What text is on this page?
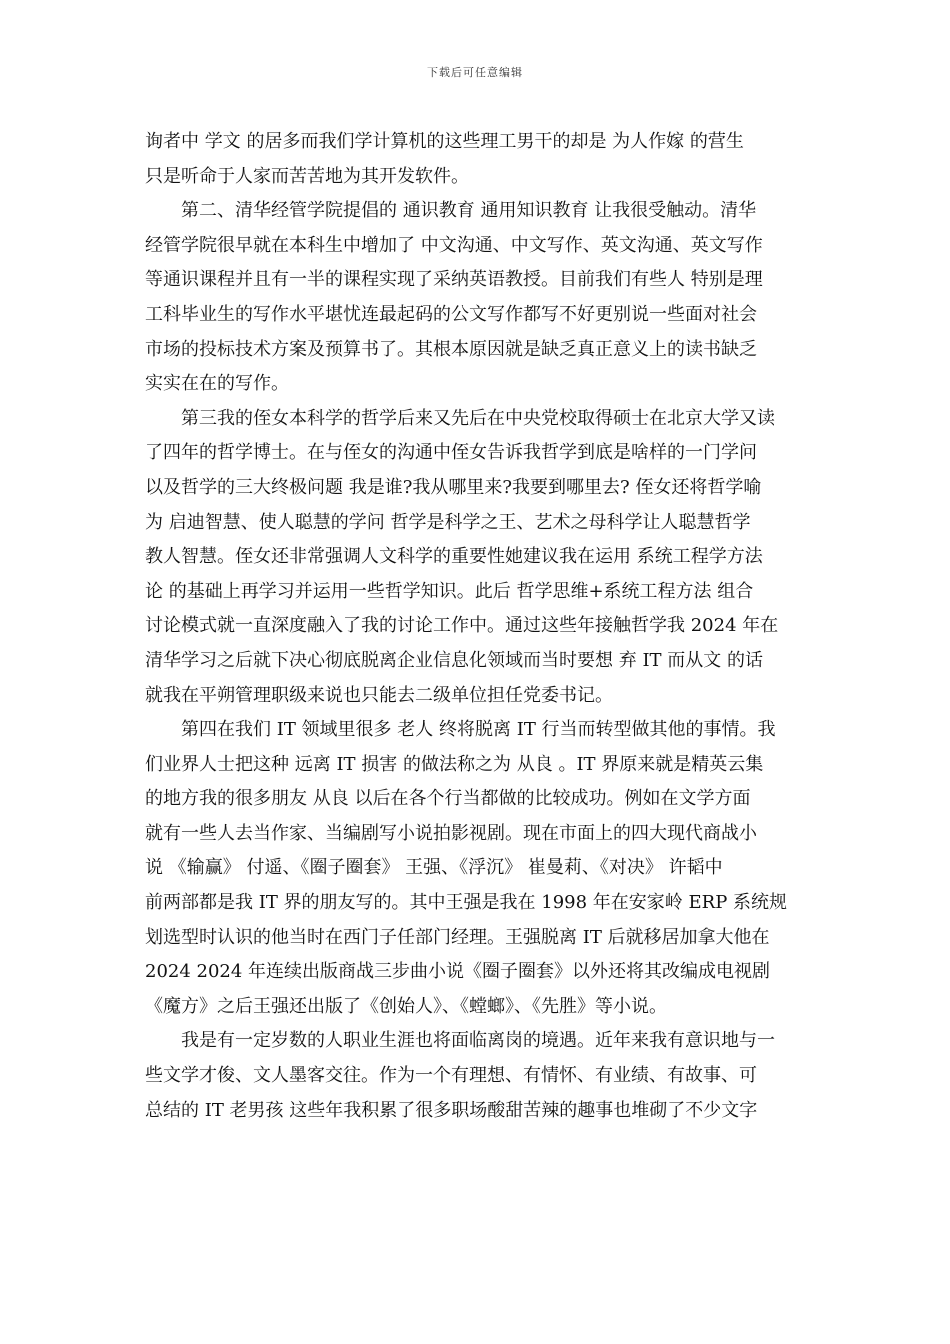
下载后可任意编辑
询者中 学文 的居多而我们学计算机的这些理工男干的却是 为人作嫁 的营生
只是听命于人家而苦苦地为其开发软件。
　　第二、清华经管学院提倡的 通识教育 通用知识教育 让我很受触动。清华
经管学院很早就在本科生中增加了 中文沟通、中文写作、英文沟通、英文写作
等通识课程并且有一半的课程实现了采纳英语教授。目前我们有些人 特别是理
工科毕业生的写作水平堪忧连最起码的公文写作都写不好更别说一些面对社会
市场的投标技术方案及预算书了。其根本原因就是缺乏真正意义上的读书缺乏
实实在在的写作。
　　第三我的侄女本科学的哲学后来又先后在中央党校取得硕士在北京大学又读
了四年的哲学博士。在与侄女的沟通中侄女告诉我哲学到底是啥样的一门学问
以及哲学的三大终极问题 我是谁?我从哪里来?我要到哪里去? 侄女还将哲学喻
为 启迪智慧、使人聪慧的学问 哲学是科学之王、艺术之母科学让人聪慧哲学
教人智慧。侄女还非常强调人文科学的重要性她建议我在运用 系统工程学方法
论 的基础上再学习并运用一些哲学知识。此后 哲学思维+系统工程方法 组合
讨论模式就一直深度融入了我的讨论工作中。通过这些年接触哲学我 2024 年在
清华学习之后就下决心彻底脱离企业信息化领域而当时要想 弃 IT 而从文 的话
就我在平朔管理职级来说也只能去二级单位担任党委书记。
　　第四在我们 IT 领域里很多 老人 终将脱离 IT 行当而转型做其他的事情。我
们业界人士把这种 远离 IT 损害 的做法称之为 从良 。IT 界原来就是精英云集
的地方我的很多朋友 从良 以后在各个行当都做的比较成功。例如在文学方面
就有一些人去当作家、当编剧写小说拍影视剧。现在市面上的四大现代商战小
说 《输赢》 付遥、《圈子圈套》 王强、《浮沉》 崔曼莉、《对决》 许韬中
前两部都是我 IT 界的朋友写的。其中王强是我在 1998 年在安家岭 ERP 系统规
划选型时认识的他当时在西门子任部门经理。王强脱离 IT 后就移居加拿大他在
2024 2024 年连续出版商战三步曲小说《圈子圈套》以外还将其改编成电视剧
《魔方》之后王强还出版了《创始人》、《螳螂》、《先胜》等小说。
　　我是有一定岁数的人职业生涯也将面临离岗的境遇。近年来我有意识地与一
些文学才俊、文人墨客交往。作为一个有理想、有情怀、有业绩、有故事、可
总结的 IT 老男孩 这些年我积累了很多职场酸甜苦辣的趣事也堆砌了不少文字
